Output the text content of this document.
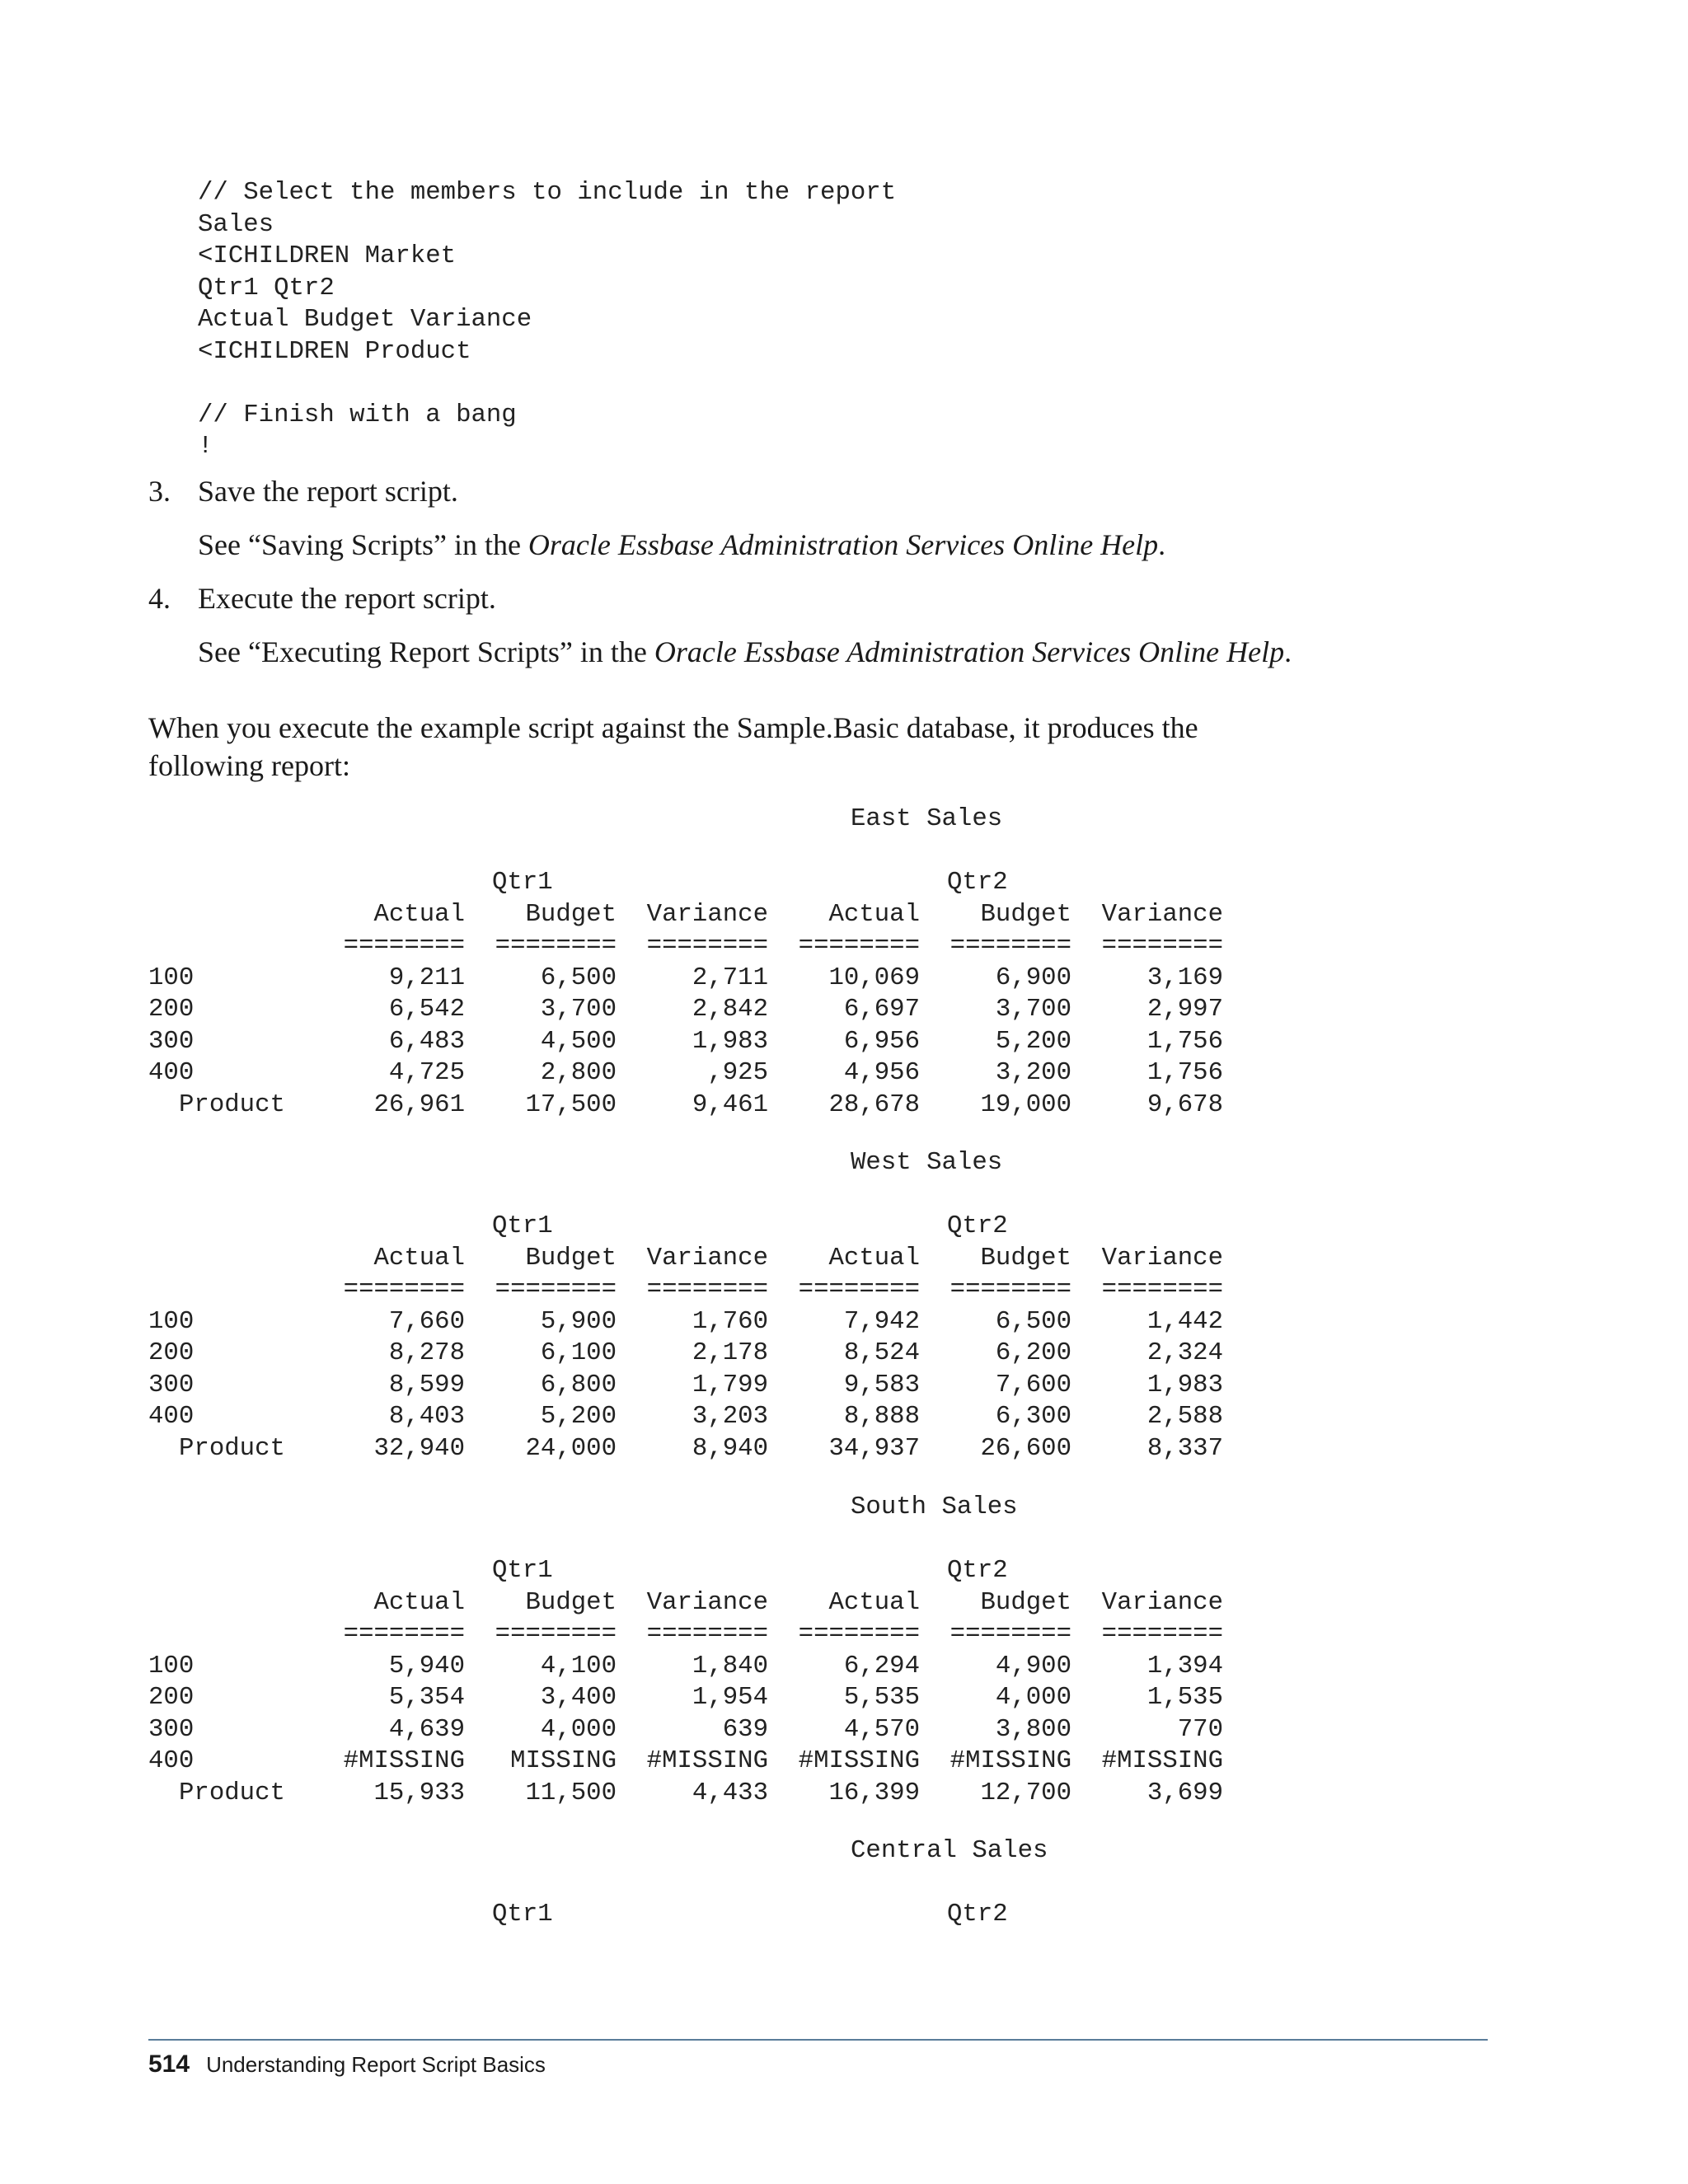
// Select the members to include in the report
Sales
<ICHILDREN Market
Qtr1 Qtr2
Actual Budget Variance
<ICHILDREN Product

// Finish with a bang
!
3. Save the report script.
See “Saving Scripts” in the Oracle Essbase Administration Services Online Help.
4. Execute the report script.
See “Executing Report Scripts” in the Oracle Essbase Administration Services Online Help.
When you execute the example script against the Sample.Basic database, it produces the
following report:
	East Sales					

		Qtr1			Qtr2	
	Actual	Budget	Variance	Actual	Budget	Variance
	========	========	========	========	========	========
100	9,211	6,500	2,711	10,069	6,900	3,169
200	6,542	3,700	2,842	6,697	3,700	2,997
300	6,483	4,500	1,983	6,956	5,200	1,756
400	4,725	2,800	,925	4,956	3,200	1,756
Product	26,961	17,500	9,461	28,678	19,000	9,678
	West Sales					

		Qtr1			Qtr2	
	Actual	Budget	Variance	Actual	Budget	Variance
	========	========	========	========	========	========
100	7,660	5,900	1,760	7,942	6,500	1,442
200	8,278	6,100	2,178	8,524	6,200	2,324
300	8,599	6,800	1,799	9,583	7,600	1,983
400	8,403	5,200	3,203	8,888	6,300	2,588
Product	32,940	24,000	8,940	34,937	26,600	8,337
	South Sales					

		Qtr1			Qtr2	
	Actual	Budget	Variance	Actual	Budget	Variance
	========	========	========	========	========	========
100	5,940	4,100	1,840	6,294	4,900	1,394
200	5,354	3,400	1,954	5,535	4,000	1,535
300	4,639	4,000	639	4,570	3,800	770
400	#MISSING	MISSING	#MISSING	#MISSING	#MISSING	#MISSING
Product	15,933	11,500	4,433	16,399	12,700	3,699
	Central Sales					

		Qtr1			Qtr2	
514 Understanding Report Script Basics
